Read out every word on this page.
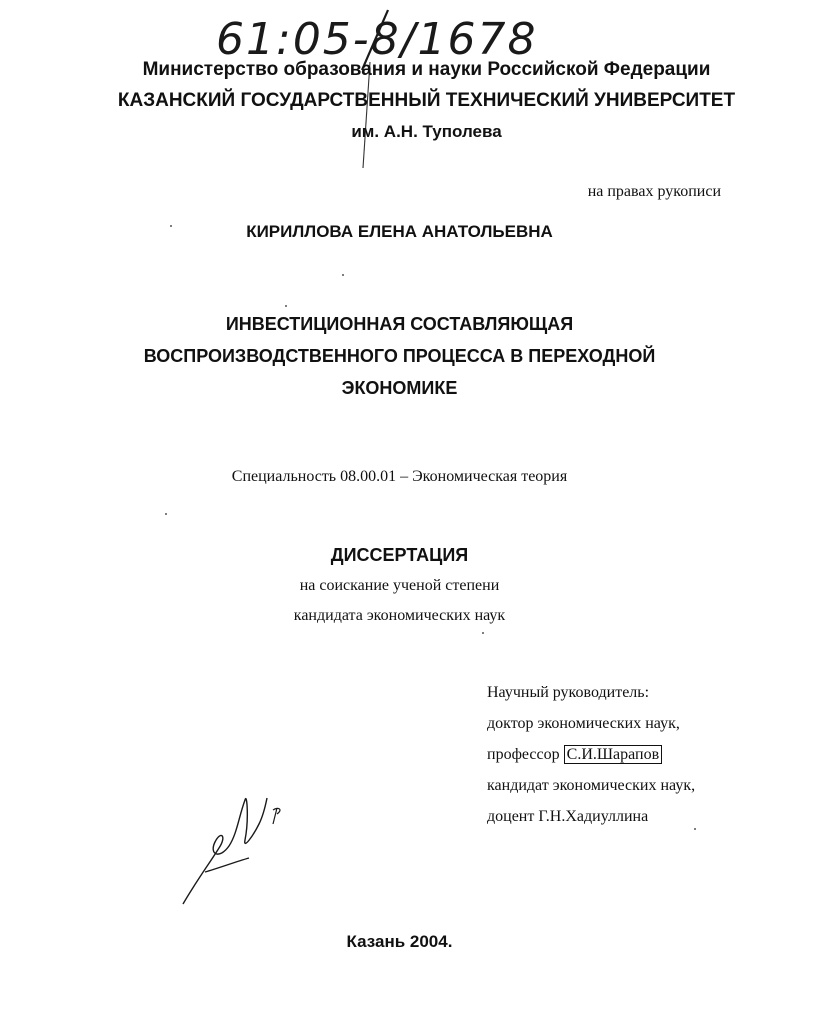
61:05-8/1678
Министерство образования и науки Российской Федерации
КАЗАНСКИЙ ГОСУДАРСТВЕННЫЙ ТЕХНИЧЕСКИЙ УНИВЕРСИТЕТ
им. А.Н. Туполева
на правах рукописи
КИРИЛЛОВА ЕЛЕНА АНАТОЛЬЕВНА
ИНВЕСТИЦИОННАЯ СОСТАВЛЯЮЩАЯ
ВОСПРОИЗВОДСТВЕННОГО ПРОЦЕССА В ПЕРЕХОДНОЙ
ЭКОНОМИКЕ
Специальность 08.00.01 – Экономическая теория
ДИССЕРТАЦИЯ
на соискание ученой степени
кандидата экономических наук
Научный руководитель:
доктор экономических наук,
профессор С.И.Шарапов
кандидат экономических наук,
доцент Г.Н.Хадиуллина
Казань 2004.
